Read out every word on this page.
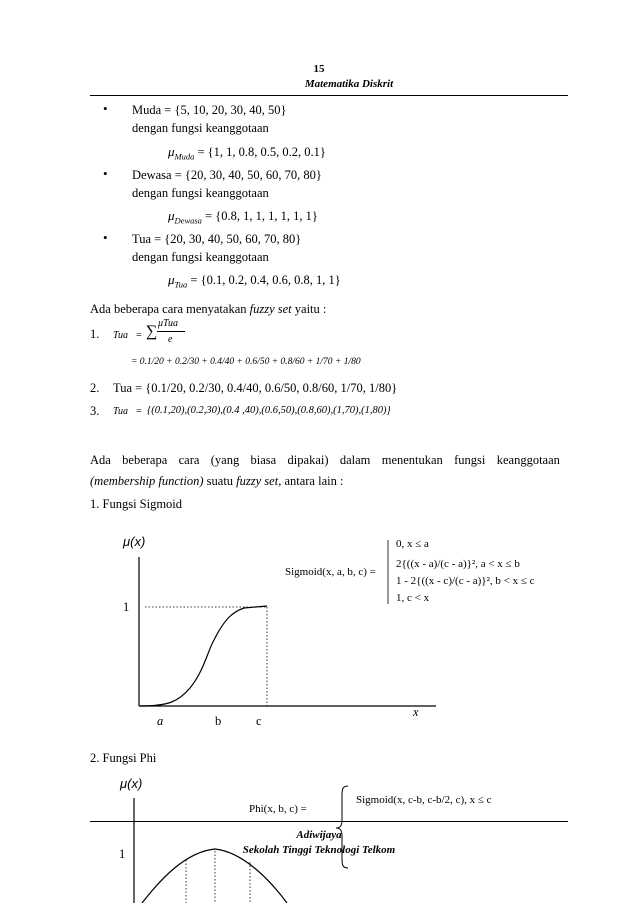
15
Matematika Diskrit
• Muda = {5, 10, 20, 30, 40, 50}
dengan fungsi keanggotaan
$\mu_{Muda} = \{1$, 1, 0.8, 0.5, 0.2, 0.1}
• Dewasa = {20, 30, 40, 50, 60, 70, 80}
dengan fungsi keanggotaan
$\mu_{Dewasa} = \{0.8$, 1, 1, 1, 1, 1, 1}
• Tua = {20, 30, 40, 50, 60, 70, 80}
dengan fungsi keanggotaan
$\mu_{Tua} = \{0.1$, 0.2, 0.4, 0.6, 0.8, 1, 1}
Ada beberapa cara menyatakan fuzzy set yaitu :
1. Tua = ∑ μTua
e
= 0.1/20 + 0.2/30 + 0.4/40 + 0.6/50 + 0.8/60 + 1/70 + 1/80
2. Tua = {0.1/20, 0.2/30, 0.4/40, 0.6/50, 0.8/60, 1/70, 1/80}
3. Tua = {(0.1,20),(0.2,30),(0.4 ,40),(0.6,50),(0.8,60),(1,70),(1,80)}
Ada beberapa cara (yang biasa dipakai) dalam menentukan fungsi keanggotaan
(membership function) suatu fuzzy set, antara lain :
1. Fungsi Sigmoid
μ(x)
1
x
a	b	c
Sigmoid(x, a, b, c) =
0, x ≤ a
2{((x - a)/(c - a)}², a < x ≤ b
1 - 2{((x - c)/(c - a)}², b < x ≤ c
1, c < x
2. Fungsi Phi
μ(x)
Phi(x, b, c) =
Sigmoid(x, c-b, c-b/2, c), x ≤ c
1
Adiwijaya
Sekolah Tinggi Teknologi Telkom
